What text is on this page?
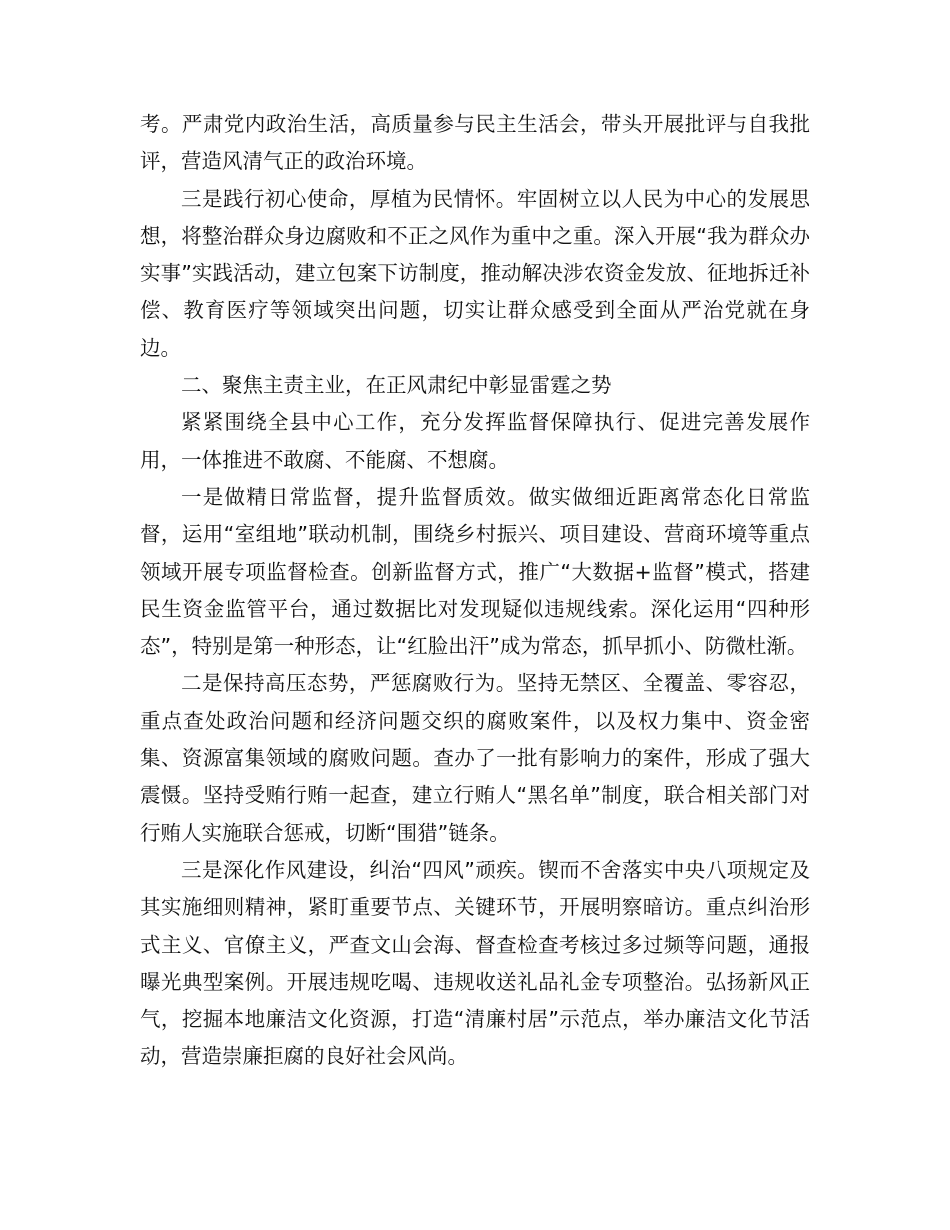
考。严肃党内政治生活，高质量参与民主生活会，带头开展批评与自我批评，营造风清气正的政治环境。

三是践行初心使命，厚植为民情怀。牢固树立以人民为中心的发展思想，将整治群众身边腐败和不正之风作为重中之重。深入开展“我为群众办实事”实践活动，建立包案下访制度，推动解决涉农资金发放、征地拆迁补偿、教育医疗等领域突出问题，切实让群众感受到全面从严治党就在身边。

二、聚焦主责主业，在正风肃纪中彰显雷霆之势

紧紧围绕全县中心工作，充分发挥监督保障执行、促进完善发展作用，一体推进不敢腐、不能腐、不想腐。

一是做精日常监督，提升监督质效。做实做细近距离常态化日常监督，运用“室组地”联动机制，围绕乡村振兴、项目建设、营商环境等重点领域开展专项监督检查。创新监督方式，推广“大数据+监督”模式，搭建民生资金监管平台，通过数据比对发现疑似违规线索。深化运用“四种形态”，特别是第一种形态，让“红脸出汗”成为常态，抓早抓小、防微杜渐。

二是保持高压态势，严惩腐败行为。坚持无禁区、全覆盖、零容忍，重点查处政治问题和经济问题交织的腐败案件，以及权力集中、资金密集、资源富集领域的腐败问题。查办了一批有影响力的案件，形成了强大震慑。坚持受贿行贿一起查，建立行贿人“黑名单”制度，联合相关部门对行贿人实施联合惩戒，切断“围猎”链条。

三是深化作风建设，纠治“四风”顽疾。锲而不舍落实中央八项规定及其实施细则精神，紧盯重要节点、关键环节，开展明察暗访。重点纠治形式主义、官僚主义，严查文山会海、督查检查考核过多过频等问题，通报曝光典型案例。开展违规吃喝、违规收送礼品礼金专项整治。弘扬新风正气，挖掘本地廉洁文化资源，打造“清廉村居”示范点，举办廉洁文化节活动，营造崇廉拒腐的良好社会风尚。
